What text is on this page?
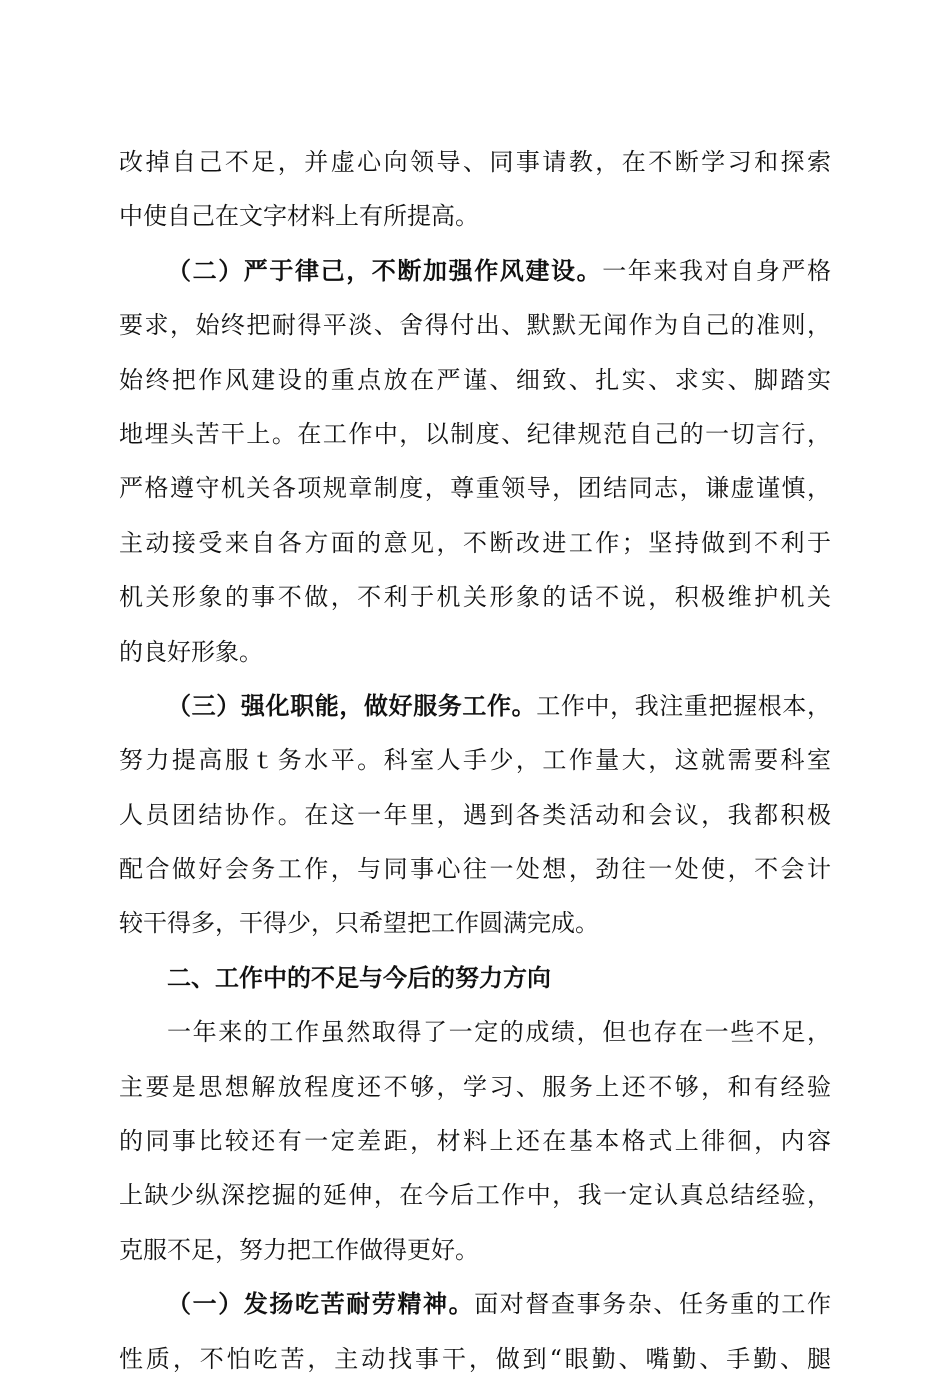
改掉自己不足，并虚心向领导、同事请教，在不断学习和探索
中使自己在文字材料上有所提高。
（二）严于律己，不断加强作风建设。一年来我对自身严格
要求，始终把耐得平淡、舍得付出、默默无闻作为自己的准则，
始终把作风建设的重点放在严谨、细致、扎实、求实、脚踏实
地埋头苦干上。在工作中，以制度、纪律规范自己的一切言行，
严格遵守机关各项规章制度，尊重领导，团结同志，谦虚谨慎，
主动接受来自各方面的意见，不断改进工作；坚持做到不利于
机关形象的事不做，不利于机关形象的话不说，积极维护机关
的良好形象。
（三）强化职能，做好服务工作。工作中，我注重把握根本，
努力提高服ｔ务水平。科室人手少，工作量大，这就需要科室
人员团结协作。在这一年里，遇到各类活动和会议，我都积极
配合做好会务工作，与同事心往一处想，劲往一处使，不会计
较干得多，干得少，只希望把工作圆满完成。
二、工作中的不足与今后的努力方向
一年来的工作虽然取得了一定的成绩，但也存在一些不足，
主要是思想解放程度还不够，学习、服务上还不够，和有经验
的同事比较还有一定差距，材料上还在基本格式上徘徊，内容
上缺少纵深挖掘的延伸，在今后工作中，我一定认真总结经验，
克服不足，努力把工作做得更好。
（一）发扬吃苦耐劳精神。面对督查事务杂、任务重的工作
性质，不怕吃苦，主动找事干，做到“眼勤、嘴勤、手勤、腿
